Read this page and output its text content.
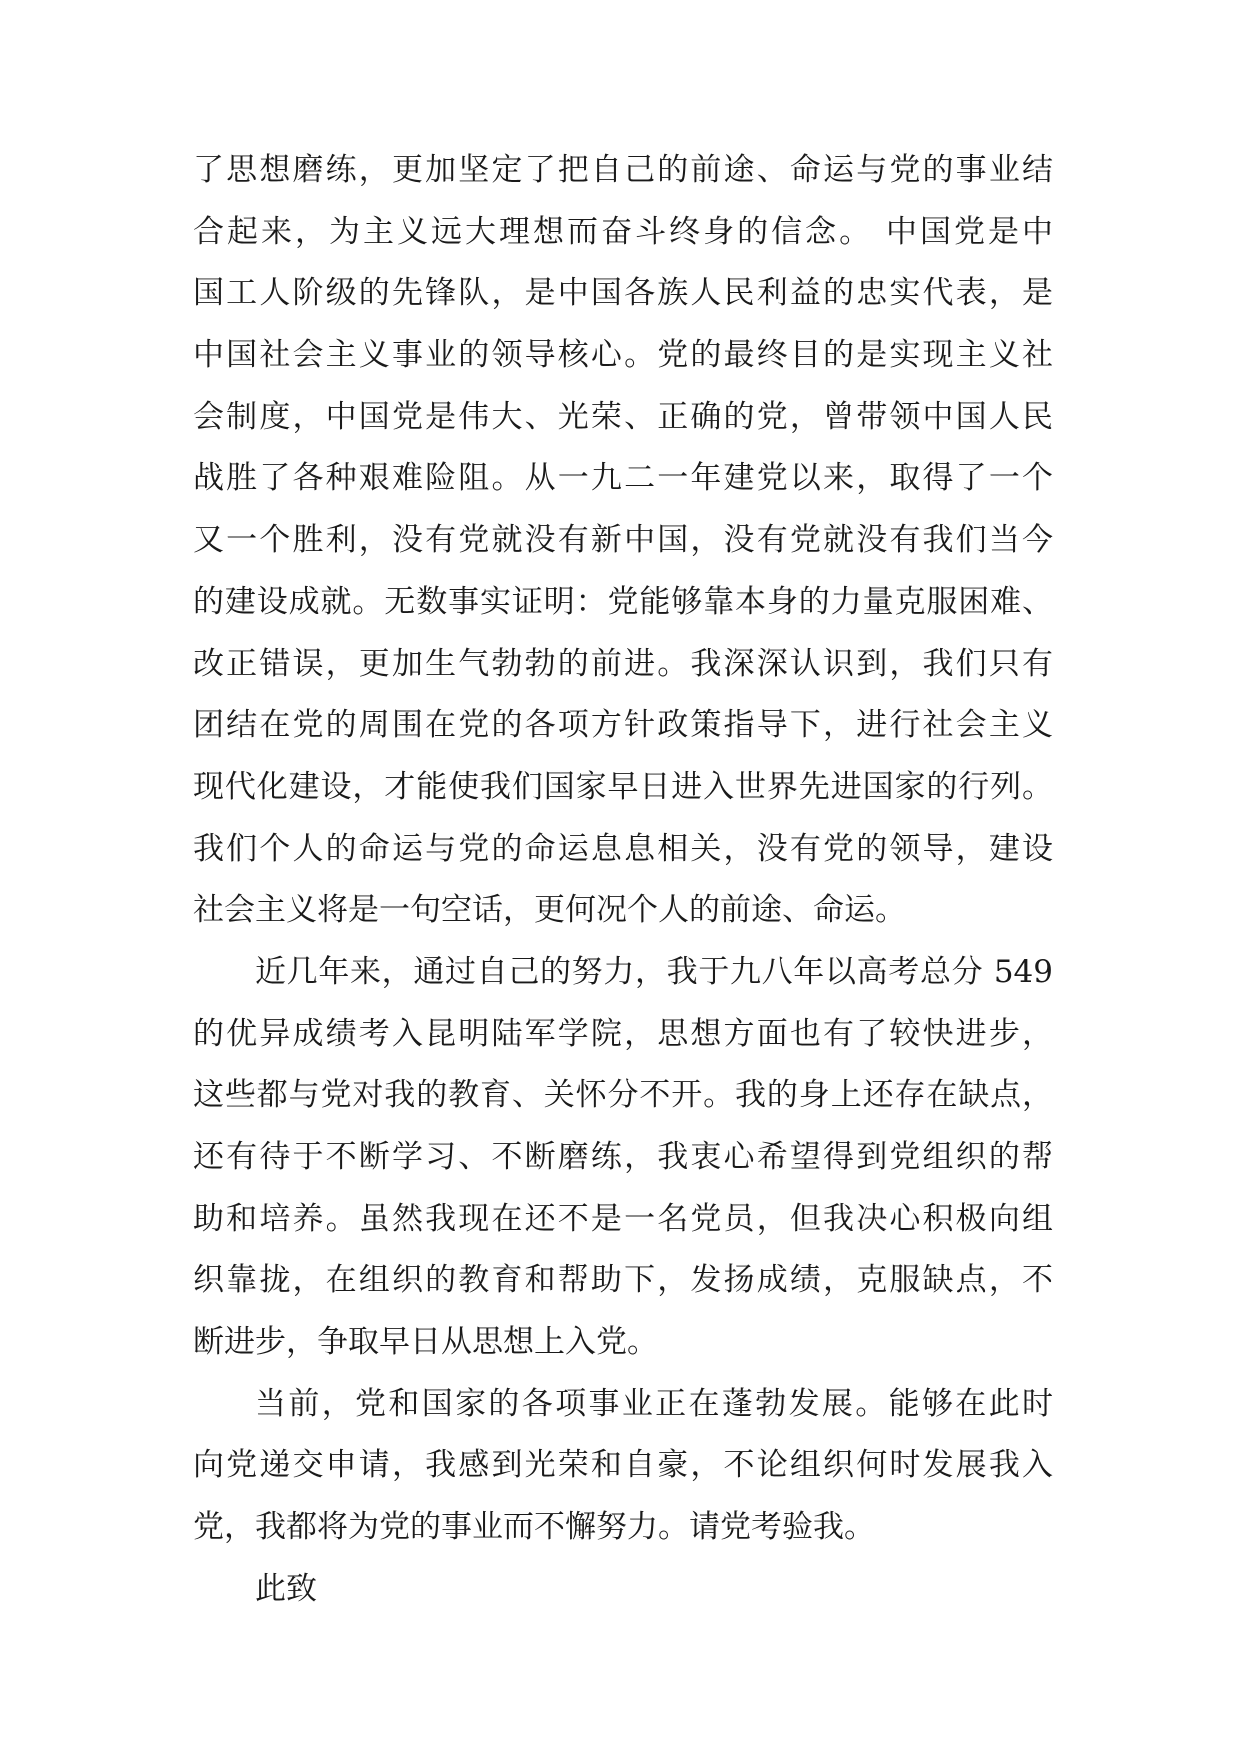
了思想磨练，更加坚定了把自己的前途、命运与党的事业结
合起来，为主义远大理想而奋斗终身的信念。 中国党是中
国工人阶级的先锋队，是中国各族人民利益的忠实代表，是
中国社会主义事业的领导核心。党的最终目的是实现主义社
会制度，中国党是伟大、光荣、正确的党，曾带领中国人民
战胜了各种艰难险阻。从一九二一年建党以来，取得了一个
又一个胜利，没有党就没有新中国，没有党就没有我们当今
的建设成就。无数事实证明：党能够靠本身的力量克服困难、
改正错误，更加生气勃勃的前进。我深深认识到，我们只有
团结在党的周围在党的各项方针政策指导下，进行社会主义
现代化建设，才能使我们国家早日进入世界先进国家的行列。
我们个人的命运与党的命运息息相关，没有党的领导，建设
社会主义将是一句空话，更何况个人的前途、命运。
近几年来，通过自己的努力，我于九八年以高考总分 549
的优异成绩考入昆明陆军学院，思想方面也有了较快进步，
这些都与党对我的教育、关怀分不开。我的身上还存在缺点，
还有待于不断学习、不断磨练，我衷心希望得到党组织的帮
助和培养。虽然我现在还不是一名党员，但我决心积极向组
织靠拢，在组织的教育和帮助下，发扬成绩，克服缺点，不
断进步，争取早日从思想上入党。
当前，党和国家的各项事业正在蓬勃发展。能够在此时
向党递交申请，我感到光荣和自豪，不论组织何时发展我入
党，我都将为党的事业而不懈努力。请党考验我。
此致
